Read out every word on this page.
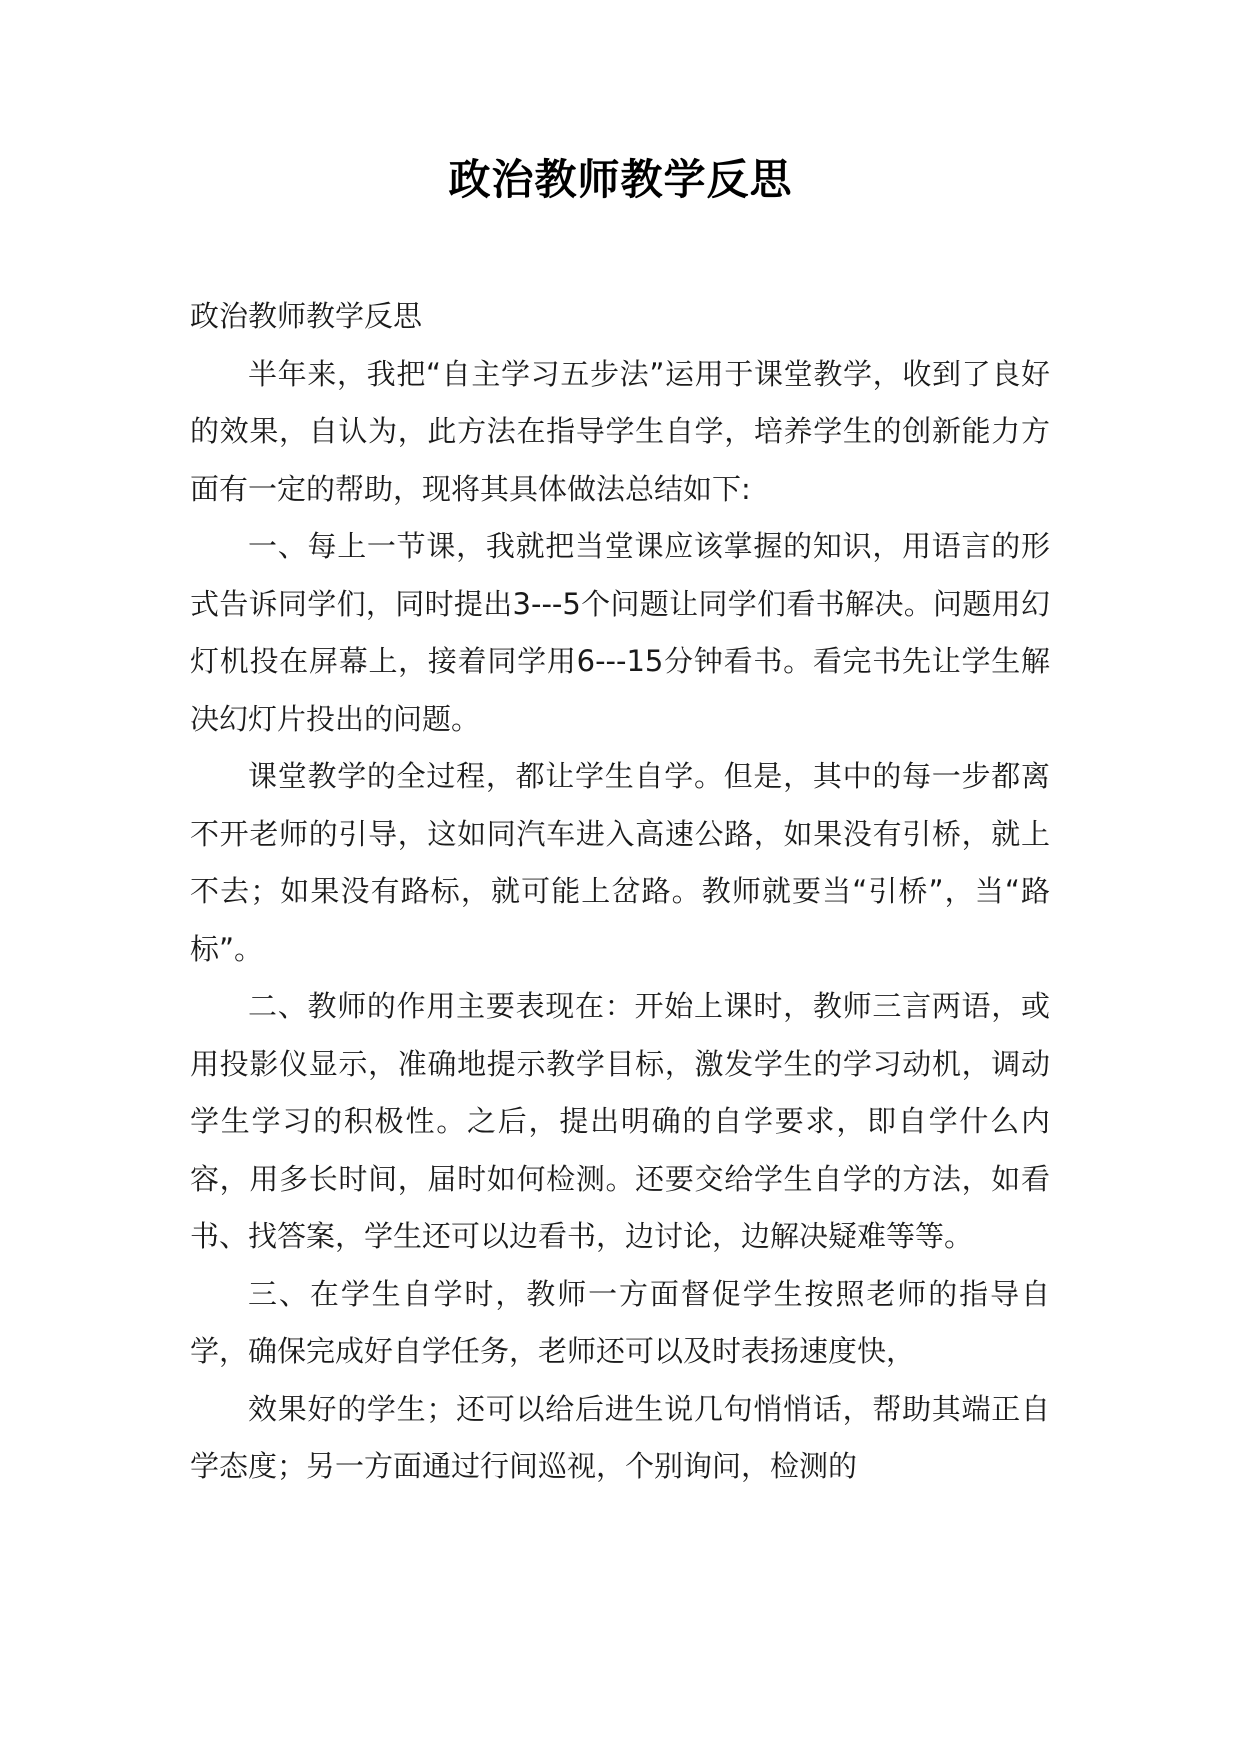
政治教师教学反思

政治教师教学反思

半年来，我把“自主学习五步法”运用于课堂教学，收到了良好的效果，自认为，此方法在指导学生自学，培养学生的创新能力方面有一定的帮助，现将其具体做法总结如下:

一、每上一节课，我就把当堂课应该掌握的知识，用语言的形式告诉同学们，同时提出3---5个问题让同学们看书解决。问题用幻灯机投在屏幕上，接着同学用6---15分钟看书。看完书先让学生解决幻灯片投出的问题。

课堂教学的全过程，都让学生自学。但是，其中的每一步都离不开老师的引导，这如同汽车进入高速公路，如果没有引桥，就上不去；如果没有路标，就可能上岔路。教师就要当“引桥”，当“路标”。

二、教师的作用主要表现在：开始上课时，教师三言两语，或用投影仪显示，准确地提示教学目标，激发学生的学习动机，调动学生学习的积极性。之后，提出明确的自学要求，即自学什么内容，用多长时间，届时如何检测。还要交给学生自学的方法，如看书、找答案，学生还可以边看书，边讨论，边解决疑难等等。

三、在学生自学时，教师一方面督促学生按照老师的指导自学，确保完成好自学任务，老师还可以及时表扬速度快，

效果好的学生；还可以给后进生说几句悄悄话，帮助其端正自学态度；另一方面通过行间巡视，个别询问，检测的
